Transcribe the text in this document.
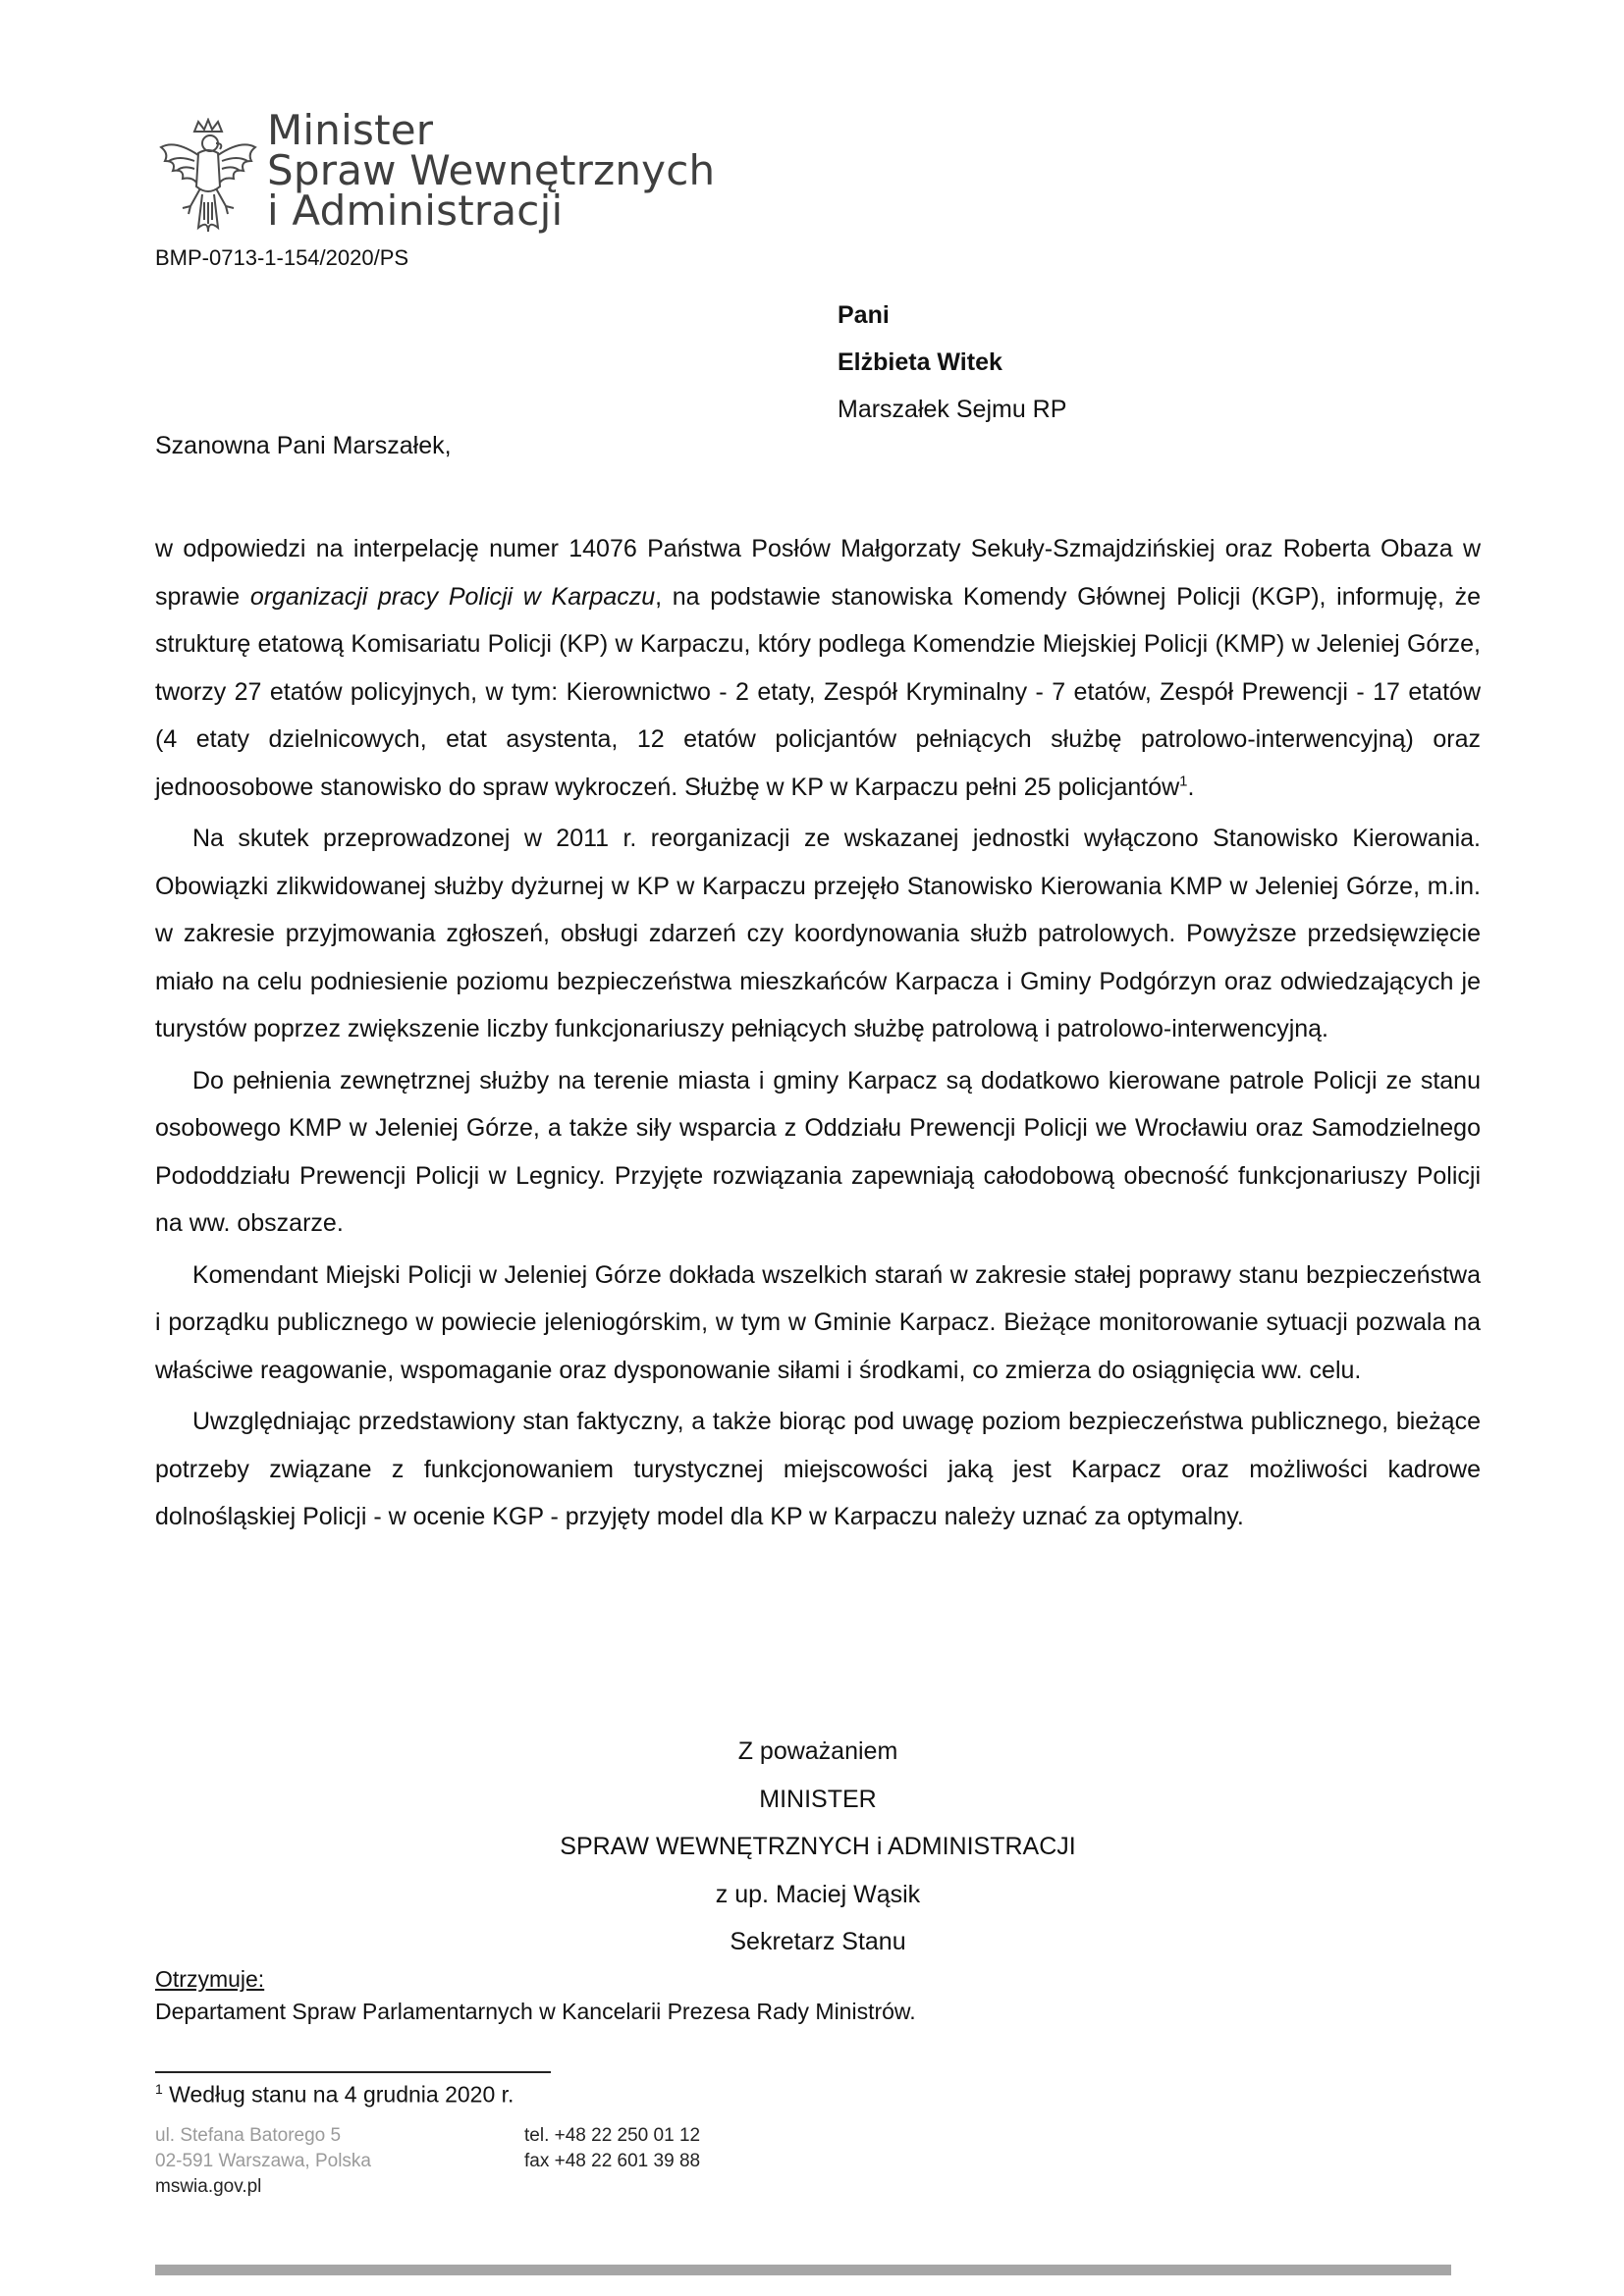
Minister
Spraw Wewnętrznych
i Administracji
BMP-0713-1-154/2020/PS
Pani
Elżbieta Witek
Marszałek Sejmu RP
Szanowna Pani Marszałek,

w odpowiedzi na interpelację numer 14076 Państwa Posłów Małgorzaty Sekuły-Szmajdzińskiej oraz Roberta Obaza w sprawie organizacji pracy Policji w Karpaczu, na podstawie stanowiska Komendy Głównej Policji (KGP), informuję, że strukturę etatową Komisariatu Policji (KP) w Karpaczu, który podlega Komendzie Miejskiej Policji (KMP) w Jeleniej Górze, tworzy 27 etatów policyjnych, w tym: Kierownictwo - 2 etaty, Zespół Kryminalny - 7 etatów, Zespół Prewencji - 17 etatów (4 etaty dzielnicowych, etat asystenta, 12 etatów policjantów pełniących służbę patrolowo-interwencyjną) oraz jednoosobowe stanowisko do spraw wykroczeń. Służbę w KP w Karpaczu pełni 25 policjantów$^1$.

Na skutek przeprowadzonej w 2011 r. reorganizacji ze wskazanej jednostki wyłączono Stanowisko Kierowania. Obowiązki zlikwidowanej służby dyżurnej w KP w Karpaczu przejęło Stanowisko Kierowania KMP w Jeleniej Górze, m.in. w zakresie przyjmowania zgłoszeń, obsługi zdarzeń czy koordynowania służb patrolowych. Powyższe przedsięwzięcie miało na celu podniesienie poziomu bezpieczeństwa mieszkańców Karpacza i Gminy Podgórzyn oraz odwiedzających je turystów poprzez zwiększenie liczby funkcjonariuszy pełniących służbę patrolową i patrolowo-interwencyjną.

Do pełnienia zewnętrznej służby na terenie miasta i gminy Karpacz są dodatkowo kierowane patrole Policji ze stanu osobowego KMP w Jeleniej Górze, a także siły wsparcia z Oddziału Prewencji Policji we Wrocławiu oraz Samodzielnego Pododdziału Prewencji Policji w Legnicy. Przyjęte rozwiązania zapewniają całodobową obecność funkcjonariuszy Policji na ww. obszarze.

Komendant Miejski Policji w Jeleniej Górze dokłada wszelkich starań w zakresie stałej poprawy stanu bezpieczeństwa i porządku publicznego w powiecie jeleniogórskim, w tym w Gminie Karpacz. Bieżące monitorowanie sytuacji pozwala na właściwe reagowanie, wspomaganie oraz dysponowanie siłami i środkami, co zmierza do osiągnięcia ww. celu.

Uwzględniając przedstawiony stan faktyczny, a także biorąc pod uwagę poziom bezpieczeństwa publicznego, bieżące potrzeby związane z funkcjonowaniem turystycznej miejscowości jaką jest Karpacz oraz możliwości kadrowe dolnośląskiej Policji - w ocenie KGP - przyjęty model dla KP w Karpaczu należy uznać za optymalny.

Z poważaniem
MINISTER
SPRAW WEWNĘTRZNYCH i ADMINISTRACJI
z up. Maciej Wąsik
Sekretarz Stanu
Otrzymuje:
Departament Spraw Parlamentarnych w Kancelarii Prezesa Rady Ministrów.
$^1$ Według stanu na 4 grudnia 2020 r.
ul. Stefana Batorego 5
02-591 Warszawa, Polska
mswia.gov.pl
tel. +48 22 250 01 12
fax +48 22 601 39 88
